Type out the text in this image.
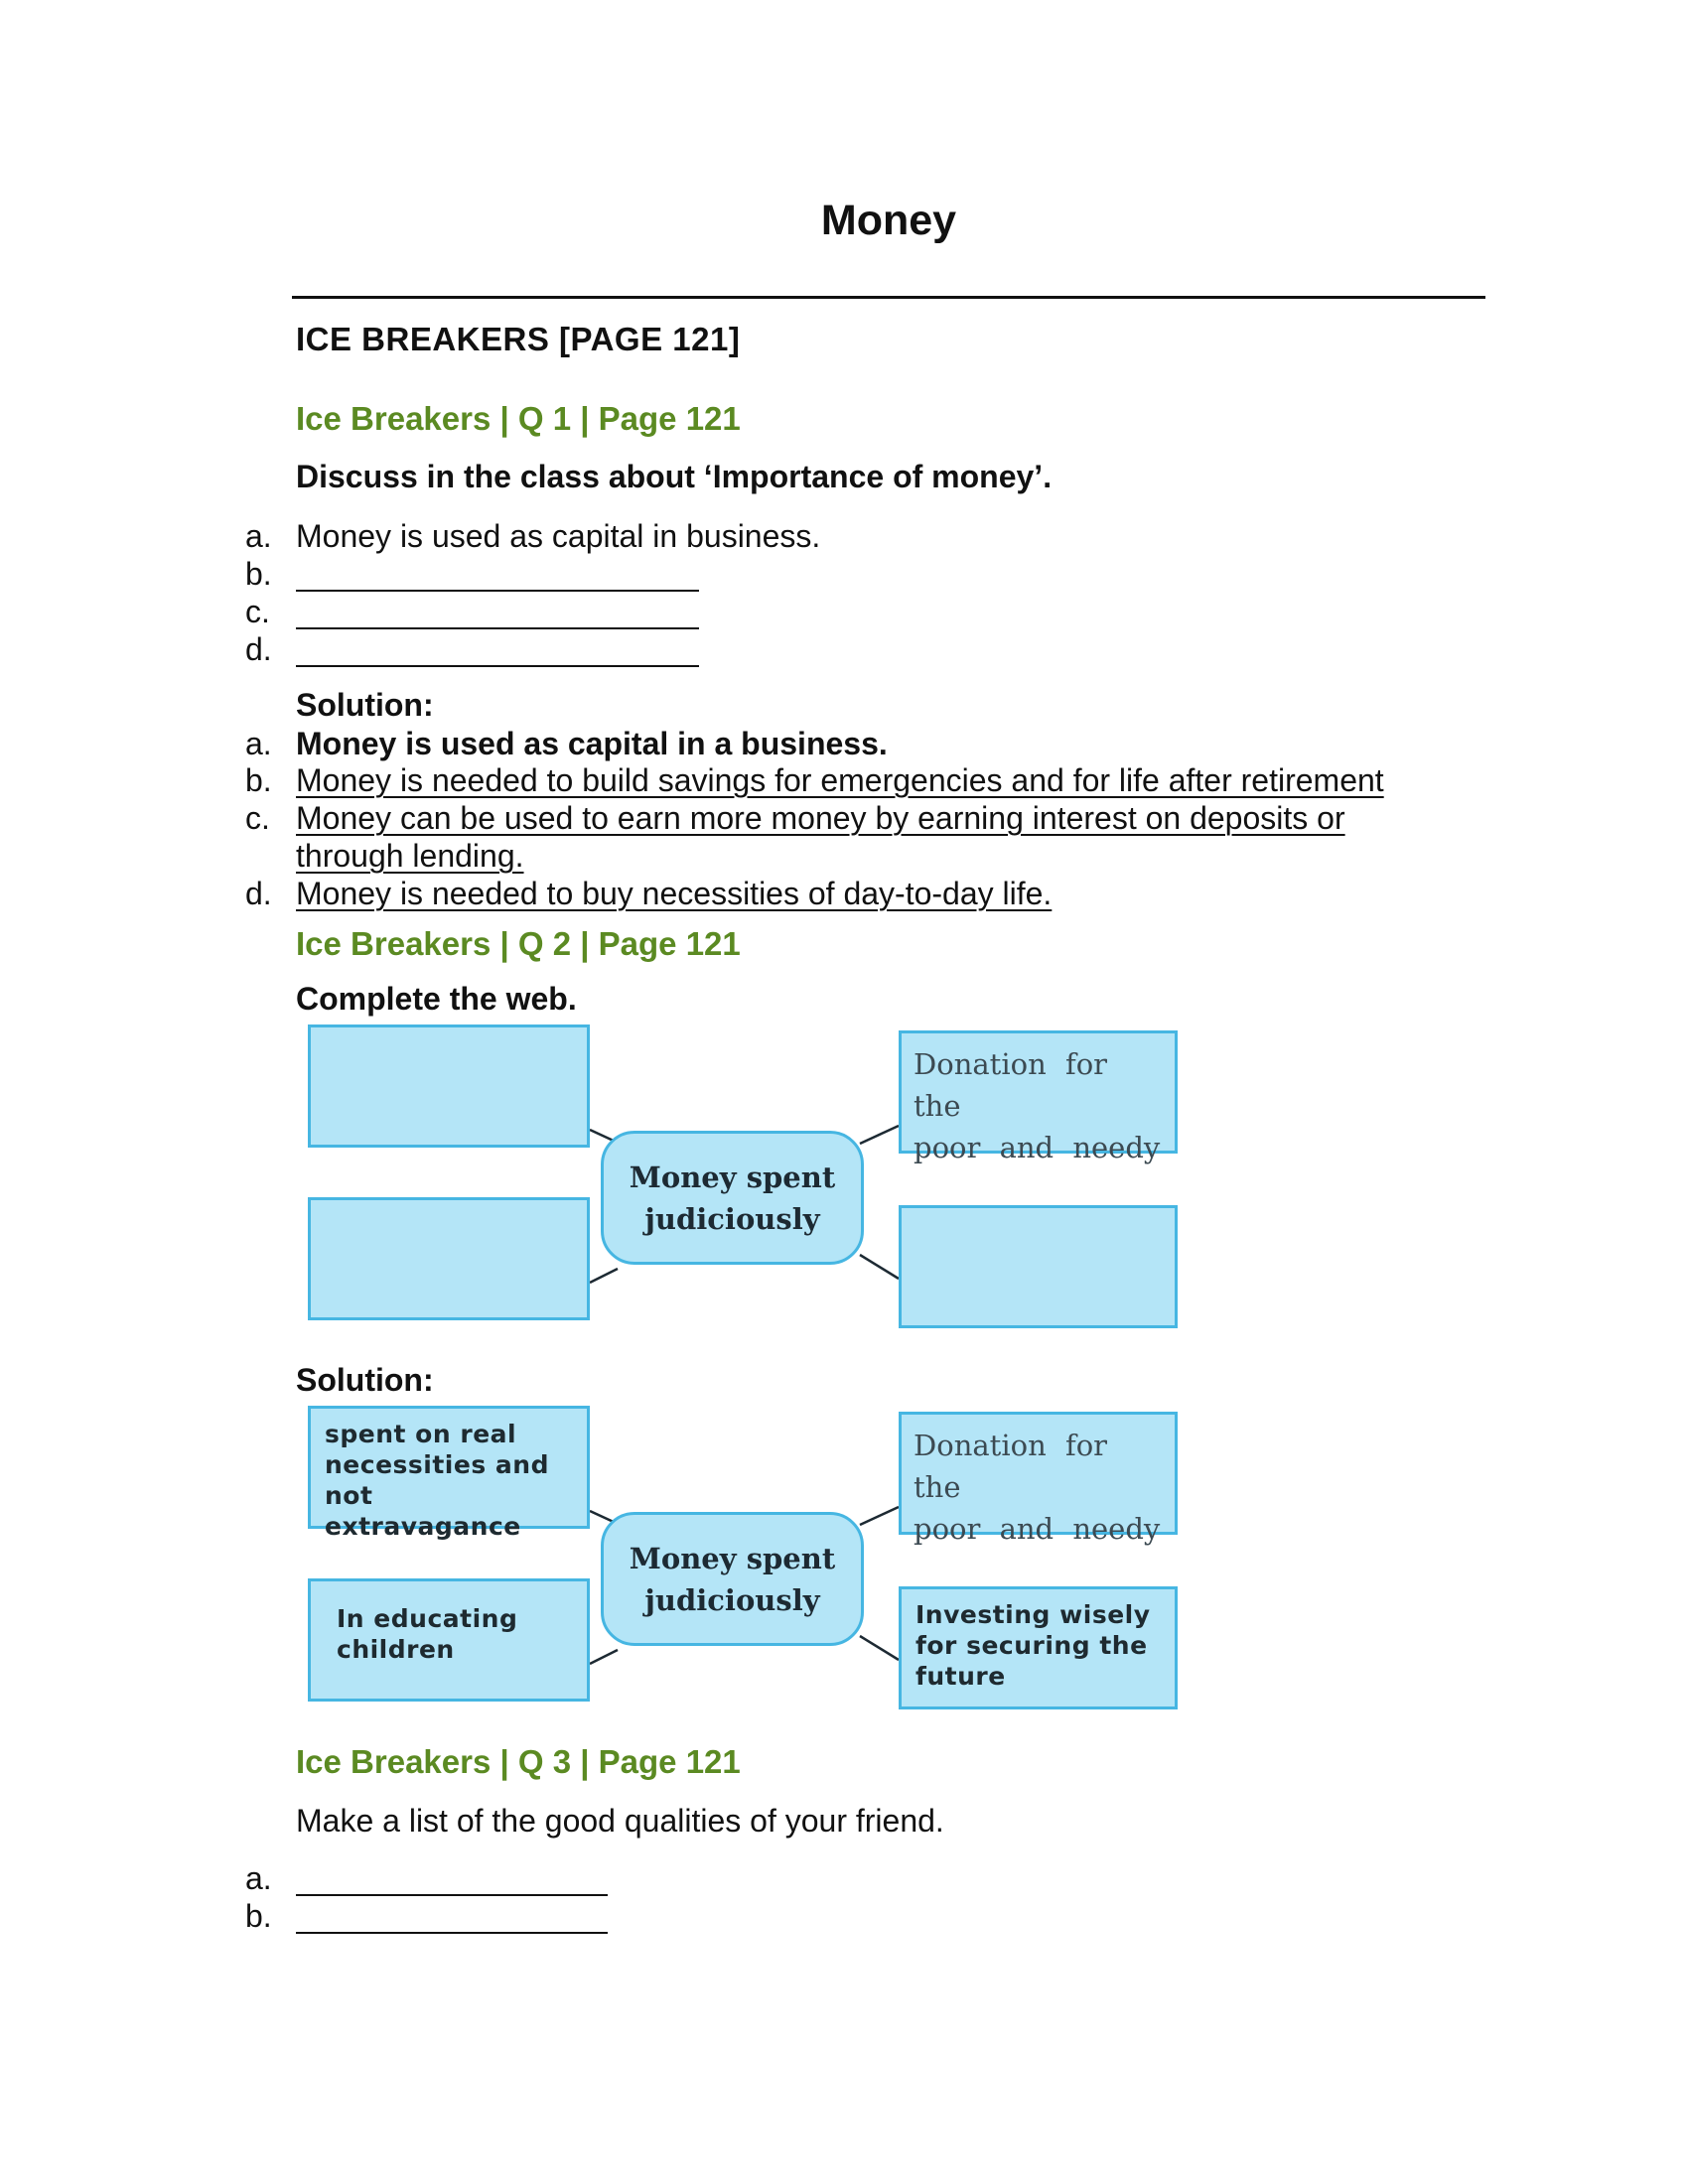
Money
ICE BREAKERS [PAGE 121]
Ice Breakers | Q 1 | Page 121
Discuss in the class about ‘Importance of money’.
a. Money is used as capital in business.
b.
c.
d.
Solution:
a. Money is used as capital in a business.
b. Money is needed to build savings for emergencies and for life after retirement
c. Money can be used to earn more money by earning interest on deposits or
through lending.
d. Money is needed to buy necessities of day-to-day life.
Ice Breakers | Q 2 | Page 121
Complete the web.
Money spent
judiciously
Donation for the
poor and needy
Solution:
spent on real
necessities and
not extravagance
In educating
children
Money spent
judiciously
Donation for the
poor and needy
Investing wisely
for securing the
future
Ice Breakers | Q 3 | Page 121
Make a list of the good qualities of your friend.
a.
b.
